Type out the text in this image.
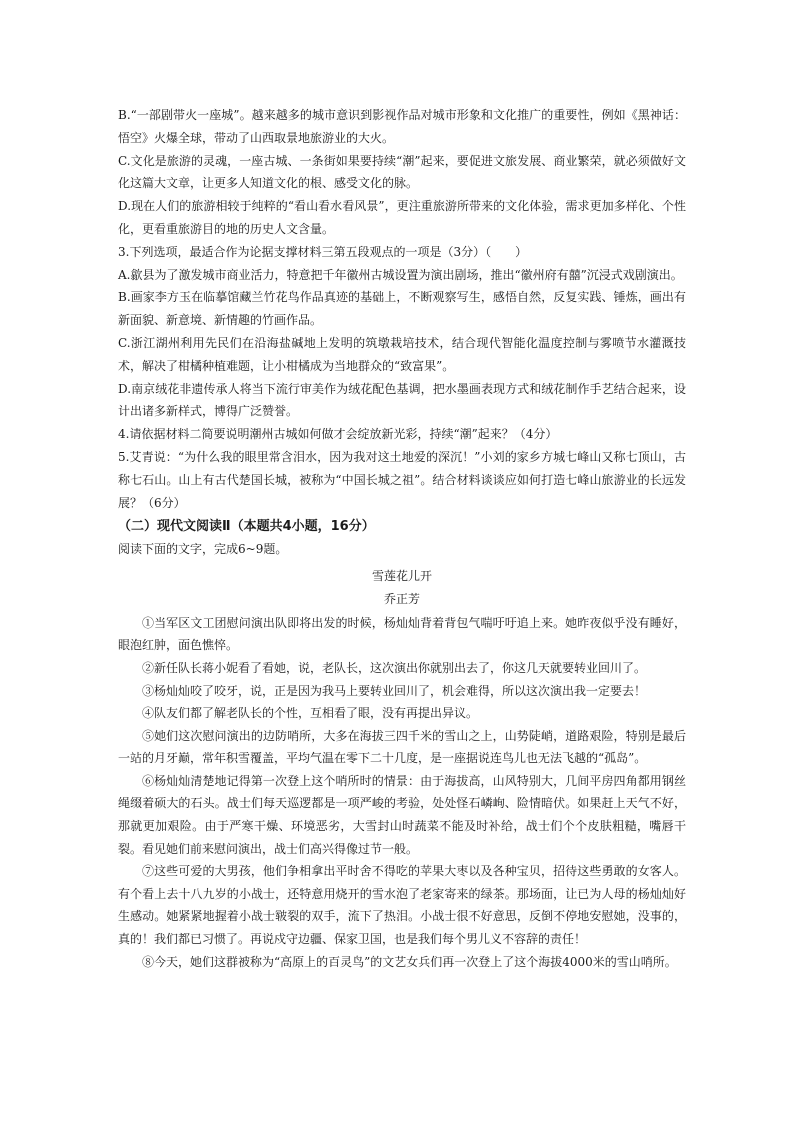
B.“一部剧带火一座城”。越来越多的城市意识到影视作品对城市形象和文化推广的重要性，例如《黑神话：悟空》火爆全球，带动了山西取景地旅游业的大火。

C.文化是旅游的灵魂，一座古城、一条街如果要持续“潮”起来，要促进文旅发展、商业繁荣，就必须做好文化这篇大文章，让更多人知道文化的根、感受文化的脉。

D.现在人们的旅游相较于纯粹的“看山看水看风景”，更注重旅游所带来的文化体验，需求更加多样化、个性化，更看重旅游目的地的历史人文含量。

3.下列选项，最适合作为论据支撑材料三第五段观点的一项是（3分）（　　）

A.歙县为了激发城市商业活力，特意把千年徽州古城设置为演出剧场，推出“徽州府有囍”沉浸式戏剧演出。

B.画家李方玉在临摹馆藏兰竹花鸟作品真迹的基础上，不断观察写生，感悟自然，反复实践、锤炼，画出有新面貌、新意境、新情趣的竹画作品。

C.浙江湖州利用先民们在沿海盐碱地上发明的筑墩栽培技术，结合现代智能化温度控制与雾喷节水灌溉技术，解决了柑橘种植难题，让小柑橘成为当地群众的“致富果”。

D.南京绒花非遗传承人将当下流行审美作为绒花配色基调，把水墨画表现方式和绒花制作手艺结合起来，设计出诸多新样式，博得广泛赞誉。

4.请依据材料二简要说明潮州古城如何做才会绽放新光彩，持续“潮”起来？（4分）

5.艾青说：“为什么我的眼里常含泪水，因为我对这土地爱的深沉！”小刘的家乡方城七峰山又称七顶山，古称七石山。山上有古代楚国长城，被称为“中国长城之祖”。结合材料谈谈应如何打造七峰山旅游业的长远发展？（6分）

（二）现代文阅读Ⅱ（本题共4小题，16分）

阅读下面的文字，完成6~9题。

雪莲花儿开

乔正芳

①当军区文工团慰问演出队即将出发的时候，杨灿灿背着背包气喘吁吁追上来。她昨夜似乎没有睡好，眼泡红肿，面色憔悴。

②新任队长蒋小妮看了看她，说，老队长，这次演出你就别出去了，你这几天就要转业回川了。

③杨灿灿咬了咬牙，说，正是因为我马上要转业回川了，机会难得，所以这次演出我一定要去！

④队友们都了解老队长的个性，互相看了眼，没有再提出异议。

⑤她们这次慰问演出的边防哨所，大多在海拔三四千米的雪山之上，山势陡峭，道路艰险，特别是最后一站的月牙巅，常年积雪覆盖，平均气温在零下二十几度，是一座据说连鸟儿也无法飞越的“孤岛”。

⑥杨灿灿清楚地记得第一次登上这个哨所时的情景：由于海拔高，山风特别大，几间平房四角都用钢丝绳缀着硕大的石头。战士们每天巡逻都是一项严峻的考验，处处怪石嶙峋、险情暗伏。如果赶上天气不好，那就更加艰险。由于严寒干燥、环境恶劣，大雪封山时蔬菜不能及时补给，战士们个个皮肤粗糙，嘴唇干裂。看见她们前来慰问演出，战士们高兴得像过节一般。

⑦这些可爱的大男孩，他们争相拿出平时舍不得吃的苹果大枣以及各种宝贝，招待这些勇敢的女客人。有个看上去十八九岁的小战士，还特意用烧开的雪水泡了老家寄来的绿茶。那场面，让已为人母的杨灿灿好生感动。她紧紧地握着小战士皲裂的双手，流下了热泪。小战士很不好意思，反倒不停地安慰她，没事的，真的！我们都已习惯了。再说戍守边疆、保家卫国，也是我们每个男儿义不容辞的责任！

⑧今天，她们这群被称为“高原上的百灵鸟”的文艺女兵们再一次登上了这个海拔4000米的雪山哨所。
